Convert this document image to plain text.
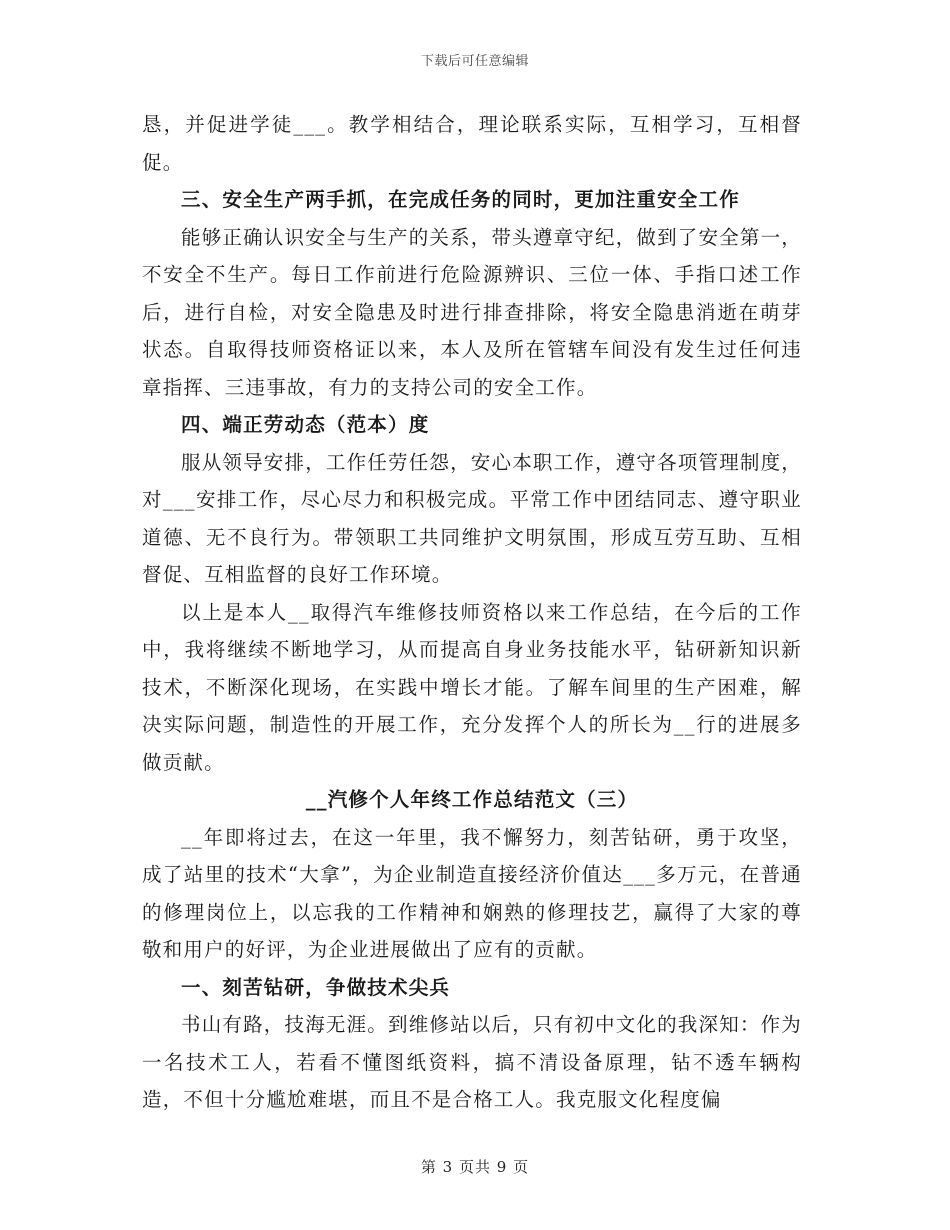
下载后可任意编辑

恳，并促进学徒___。教学相结合，理论联系实际，互相学习，互相督促。

三、安全生产两手抓，在完成任务的同时，更加注重安全工作

能够正确认识安全与生产的关系，带头遵章守纪，做到了安全第一，不安全不生产。每日工作前进行危险源辨识、三位一体、手指口述工作后，进行自检，对安全隐患及时进行排查排除，将安全隐患消逝在萌芽状态。自取得技师资格证以来，本人及所在管辖车间没有发生过任何违章指挥、三违事故，有力的支持公司的安全工作。

四、端正劳动态（范本）度

服从领导安排，工作任劳任怨，安心本职工作，遵守各项管理制度，对___安排工作，尽心尽力和积极完成。平常工作中团结同志、遵守职业道德、无不良行为。带领职工共同维护文明氛围，形成互劳互助、互相督促、互相监督的良好工作环境。

以上是本人__取得汽车维修技师资格以来工作总结，在今后的工作中，我将继续不断地学习，从而提高自身业务技能水平，钻研新知识新技术，不断深化现场，在实践中增长才能。了解车间里的生产困难，解决实际问题，制造性的开展工作，充分发挥个人的所长为__行的进展多做贡献。

__汽修个人年终工作总结范文（三）

__年即将过去，在这一年里，我不懈努力，刻苦钻研，勇于攻坚，成了站里的技术“大拿”，为企业制造直接经济价值达___多万元，在普通的修理岗位上，以忘我的工作精神和娴熟的修理技艺，赢得了大家的尊敬和用户的好评，为企业进展做出了应有的贡献。

一、刻苦钻研，争做技术尖兵

书山有路，技海无涯。到维修站以后，只有初中文化的我深知：作为一名技术工人，若看不懂图纸资料，搞不清设备原理，钻不透车辆构造，不但十分尴尬难堪，而且不是合格工人。我克服文化程度偏

第 3 页共 9 页
